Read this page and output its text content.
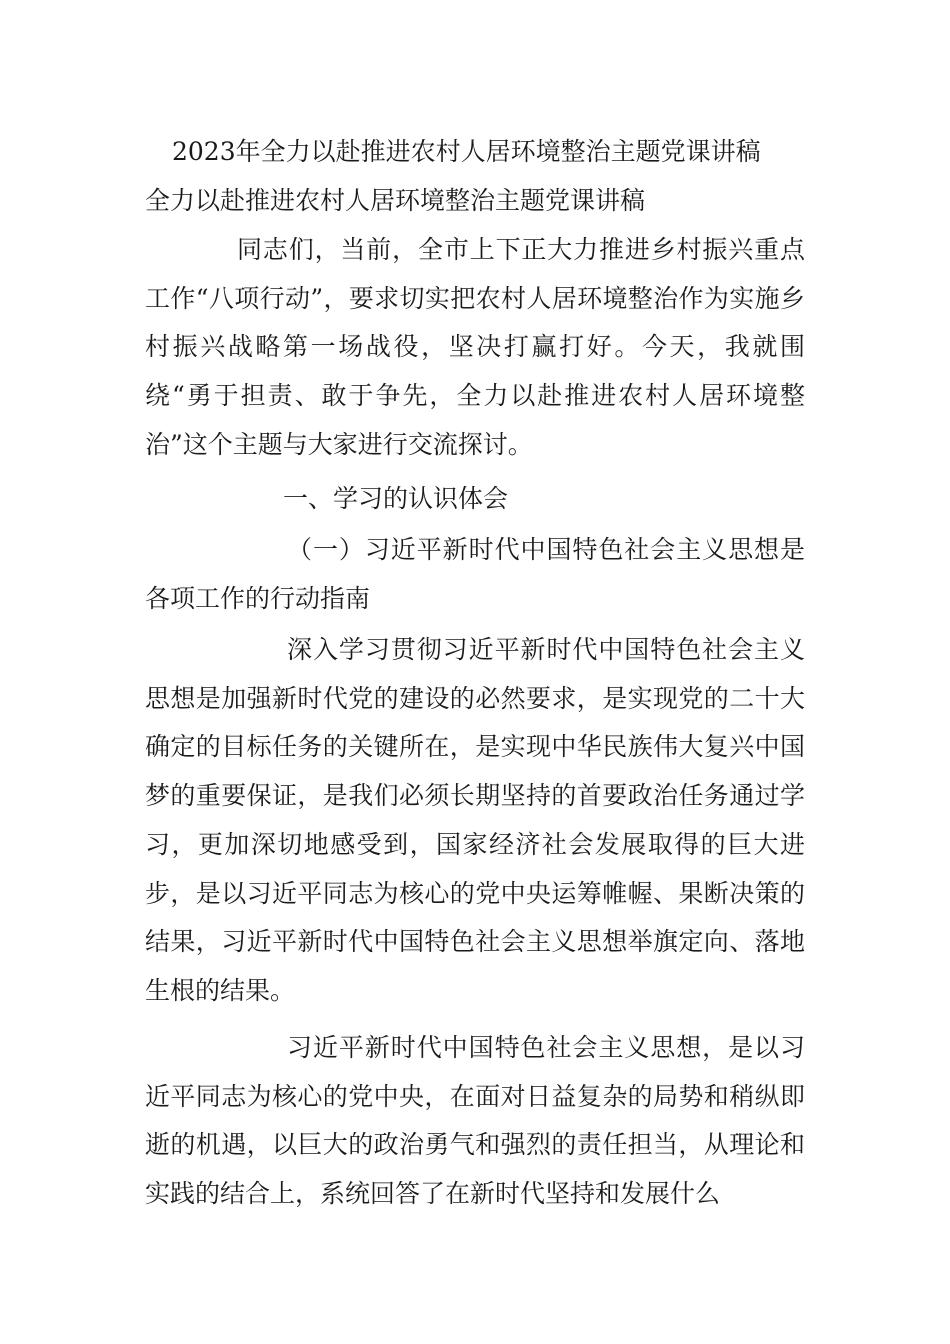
2023年全力以赴推进农村人居环境整治主题党课讲稿
全力以赴推进农村人居环境整治主题党课讲稿

同志们，当前，全市上下正大力推进乡村振兴重点工作“八项行动”，要求切实把农村人居环境整治作为实施乡村振兴战略第一场战役，坚决打赢打好。今天，我就围绕“勇于担责、敢于争先，全力以赴推进农村人居环境整治”这个主题与大家进行交流探讨。

一、学习的认识体会

（一）习近平新时代中国特色社会主义思想是各项工作的行动指南

深入学习贯彻习近平新时代中国特色社会主义思想是加强新时代党的建设的必然要求，是实现党的二十大确定的目标任务的关键所在，是实现中华民族伟大复兴中国梦的重要保证，是我们必须长期坚持的首要政治任务通过学习，更加深切地感受到，国家经济社会发展取得的巨大进步，是以习近平同志为核心的党中央运筹帷幄、果断决策的结果，习近平新时代中国特色社会主义思想举旗定向、落地生根的结果。

习近平新时代中国特色社会主义思想，是以习近平同志为核心的党中央，在面对日益复杂的局势和稍纵即逝的机遇，以巨大的政治勇气和强烈的责任担当，从理论和实践的结合上，系统回答了在新时代坚持和发展什么
